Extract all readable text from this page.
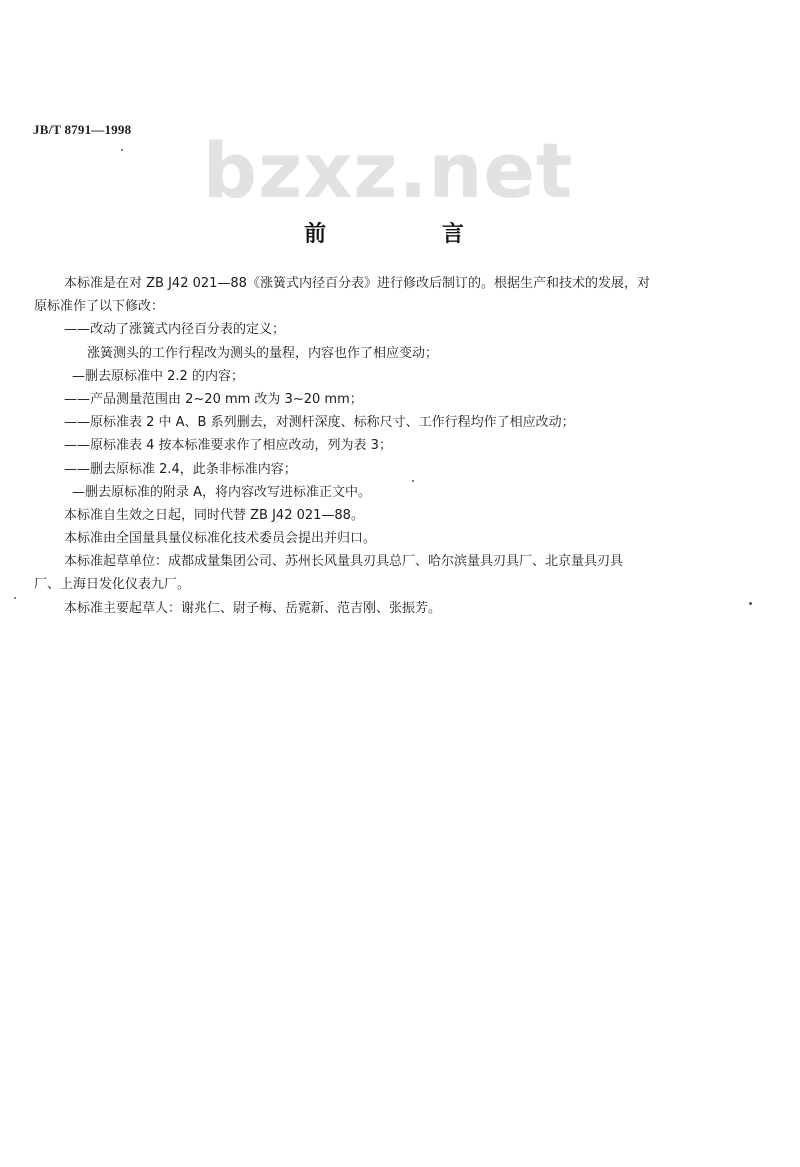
JB/T 8791—1998 bzxz.net
前 言
本标准是在对 ZB J42 021—88《涨簧式内径百分表》进行修改后制订的。根据生产和技术的发展，对
原标准作了以下修改：
——改动了涨簧式内径百分表的定义；
涨簧测头的工作行程改为测头的量程，内容也作了相应变动；
—删去原标准中 2.2 的内容；
——产品测量范围由 2~20 mm 改为 3~20 mm；
——原标准表 2 中 A、B 系列删去，对测杆深度、标称尺寸、工作行程均作了相应改动；
——原标准表 4 按本标准要求作了相应改动，列为表 3；
——删去原标准 2.4，此条非标准内容；
—删去原标准的附录 A，将内容改写进标准正文中。
本标准自生效之日起，同时代替 ZB J42 021—88。
本标准由全国量具量仪标准化技术委员会提出并归口。
本标准起草单位：成都成量集团公司、苏州长风量具刃具总厂、哈尔滨量具刃具厂、北京量具刃具
厂、上海日发化仪表九厂。
本标准主要起草人：谢兆仁、尉子梅、岳霓新、范吉刚、张振芳。
